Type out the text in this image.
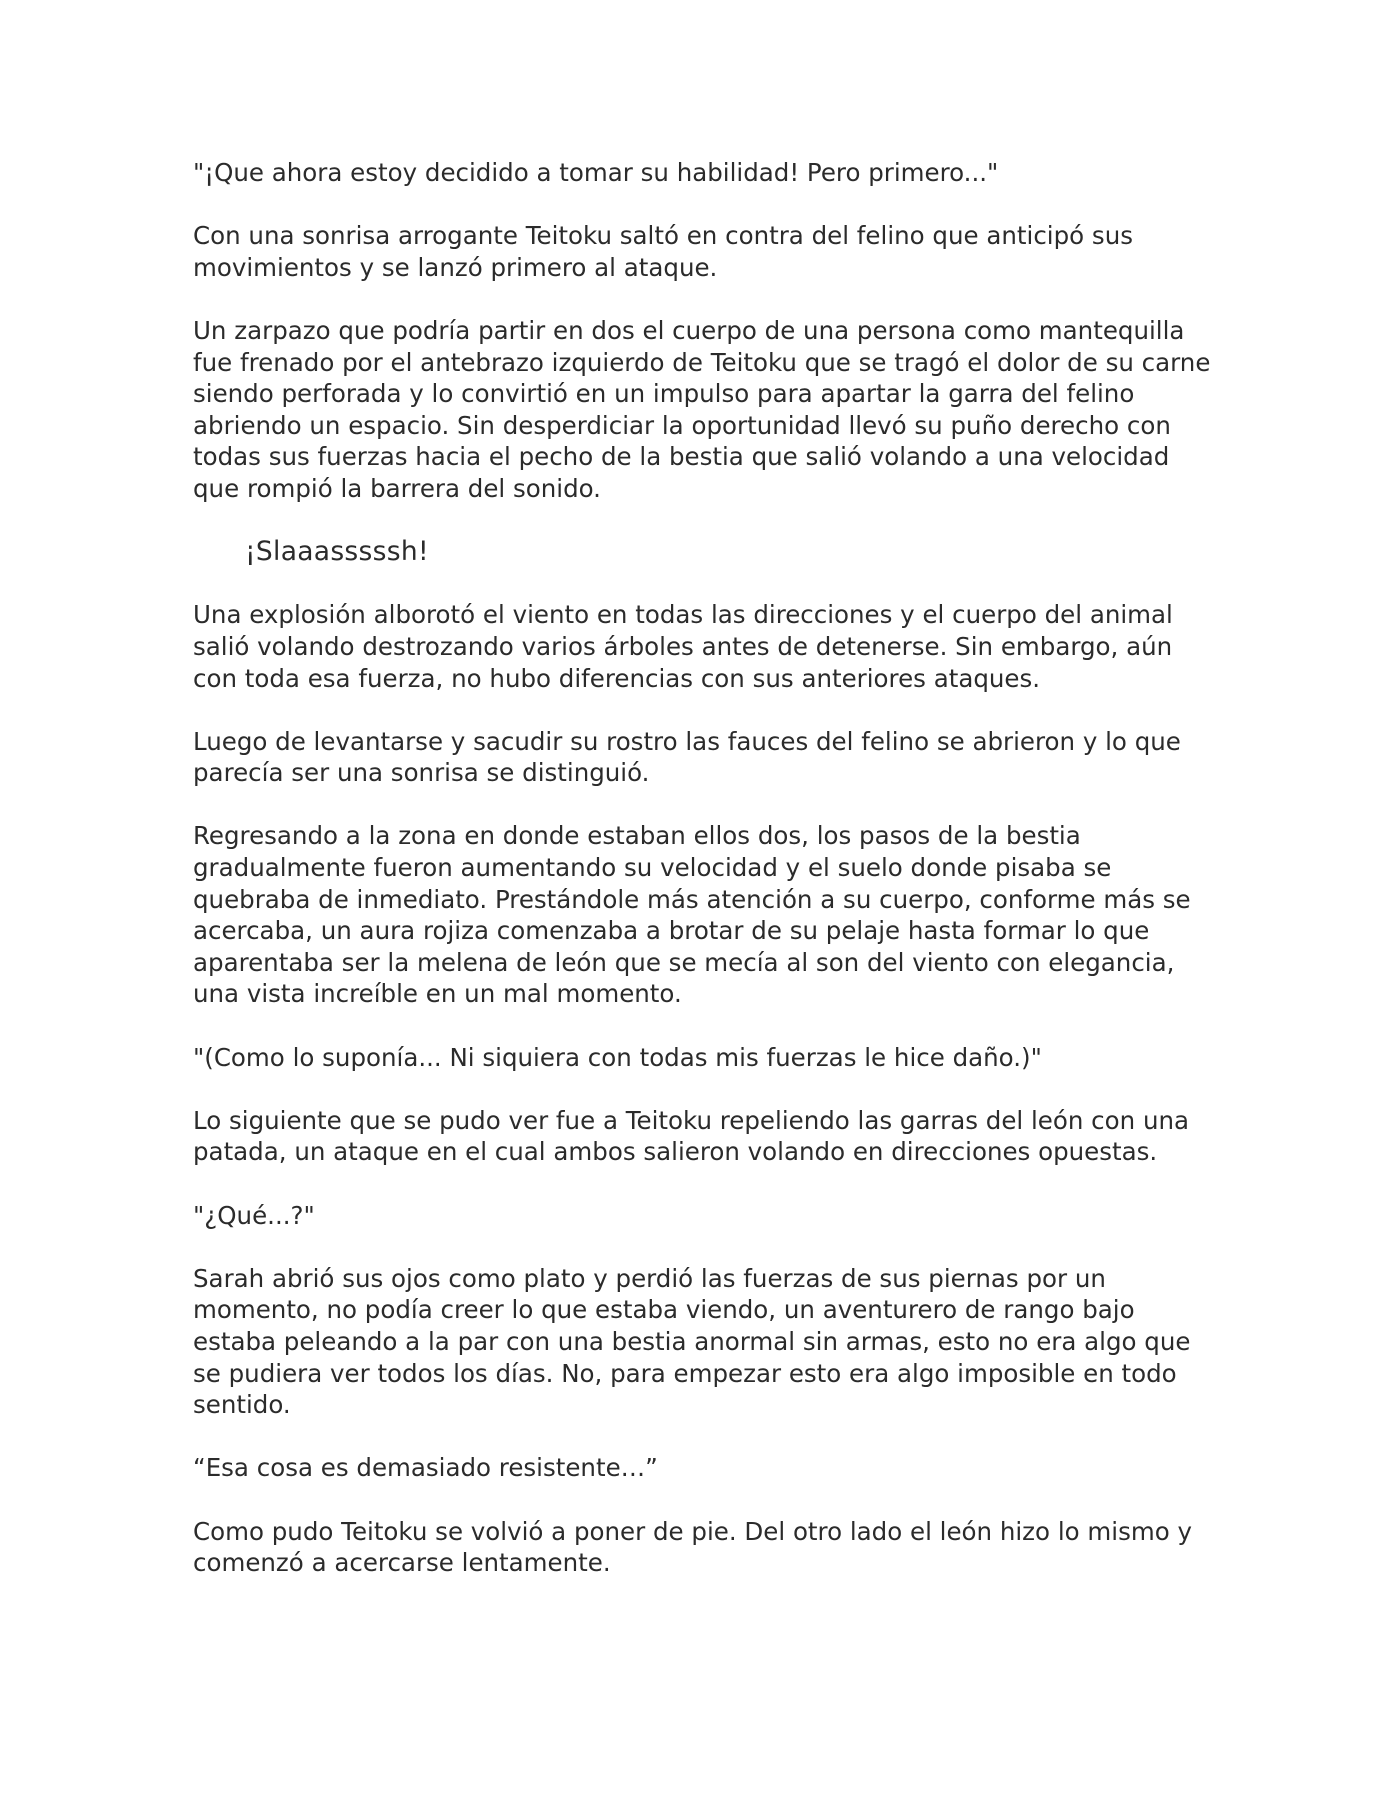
"¡Que ahora estoy decidido a tomar su habilidad! Pero primero..."

Con una sonrisa arrogante Teitoku saltó en contra del felino que anticipó sus movimientos y se lanzó primero al ataque.

Un zarpazo que podría partir en dos el cuerpo de una persona como mantequilla fue frenado por el antebrazo izquierdo de Teitoku que se tragó el dolor de su carne siendo perforada y lo convirtió en un impulso para apartar la garra del felino abriendo un espacio. Sin desperdiciar la oportunidad llevó su puño derecho con todas sus fuerzas hacia el pecho de la bestia que salió volando a una velocidad que rompió la barrera del sonido.

¡Slaaasssssh!

Una explosión alborotó el viento en todas las direcciones y el cuerpo del animal salió volando destrozando varios árboles antes de detenerse. Sin embargo, aún con toda esa fuerza, no hubo diferencias con sus anteriores ataques.

Luego de levantarse y sacudir su rostro las fauces del felino se abrieron y lo que parecía ser una sonrisa se distinguió.

Regresando a la zona en donde estaban ellos dos, los pasos de la bestia gradualmente fueron aumentando su velocidad y el suelo donde pisaba se quebraba de inmediato. Prestándole más atención a su cuerpo, conforme más se acercaba, un aura rojiza comenzaba a brotar de su pelaje hasta formar lo que aparentaba ser la melena de león que se mecía al son del viento con elegancia, una vista increíble en un mal momento.

"(Como lo suponía... Ni siquiera con todas mis fuerzas le hice daño.)"

Lo siguiente que se pudo ver fue a Teitoku repeliendo las garras del león con una patada, un ataque en el cual ambos salieron volando en direcciones opuestas.

"¿Qué...?"

Sarah abrió sus ojos como plato y perdió las fuerzas de sus piernas por un momento, no podía creer lo que estaba viendo, un aventurero de rango bajo estaba peleando a la par con una bestia anormal sin armas, esto no era algo que se pudiera ver todos los días. No, para empezar esto era algo imposible en todo sentido.

“Esa cosa es demasiado resistente…”

Como pudo Teitoku se volvió a poner de pie. Del otro lado el león hizo lo mismo y comenzó a acercarse lentamente.
